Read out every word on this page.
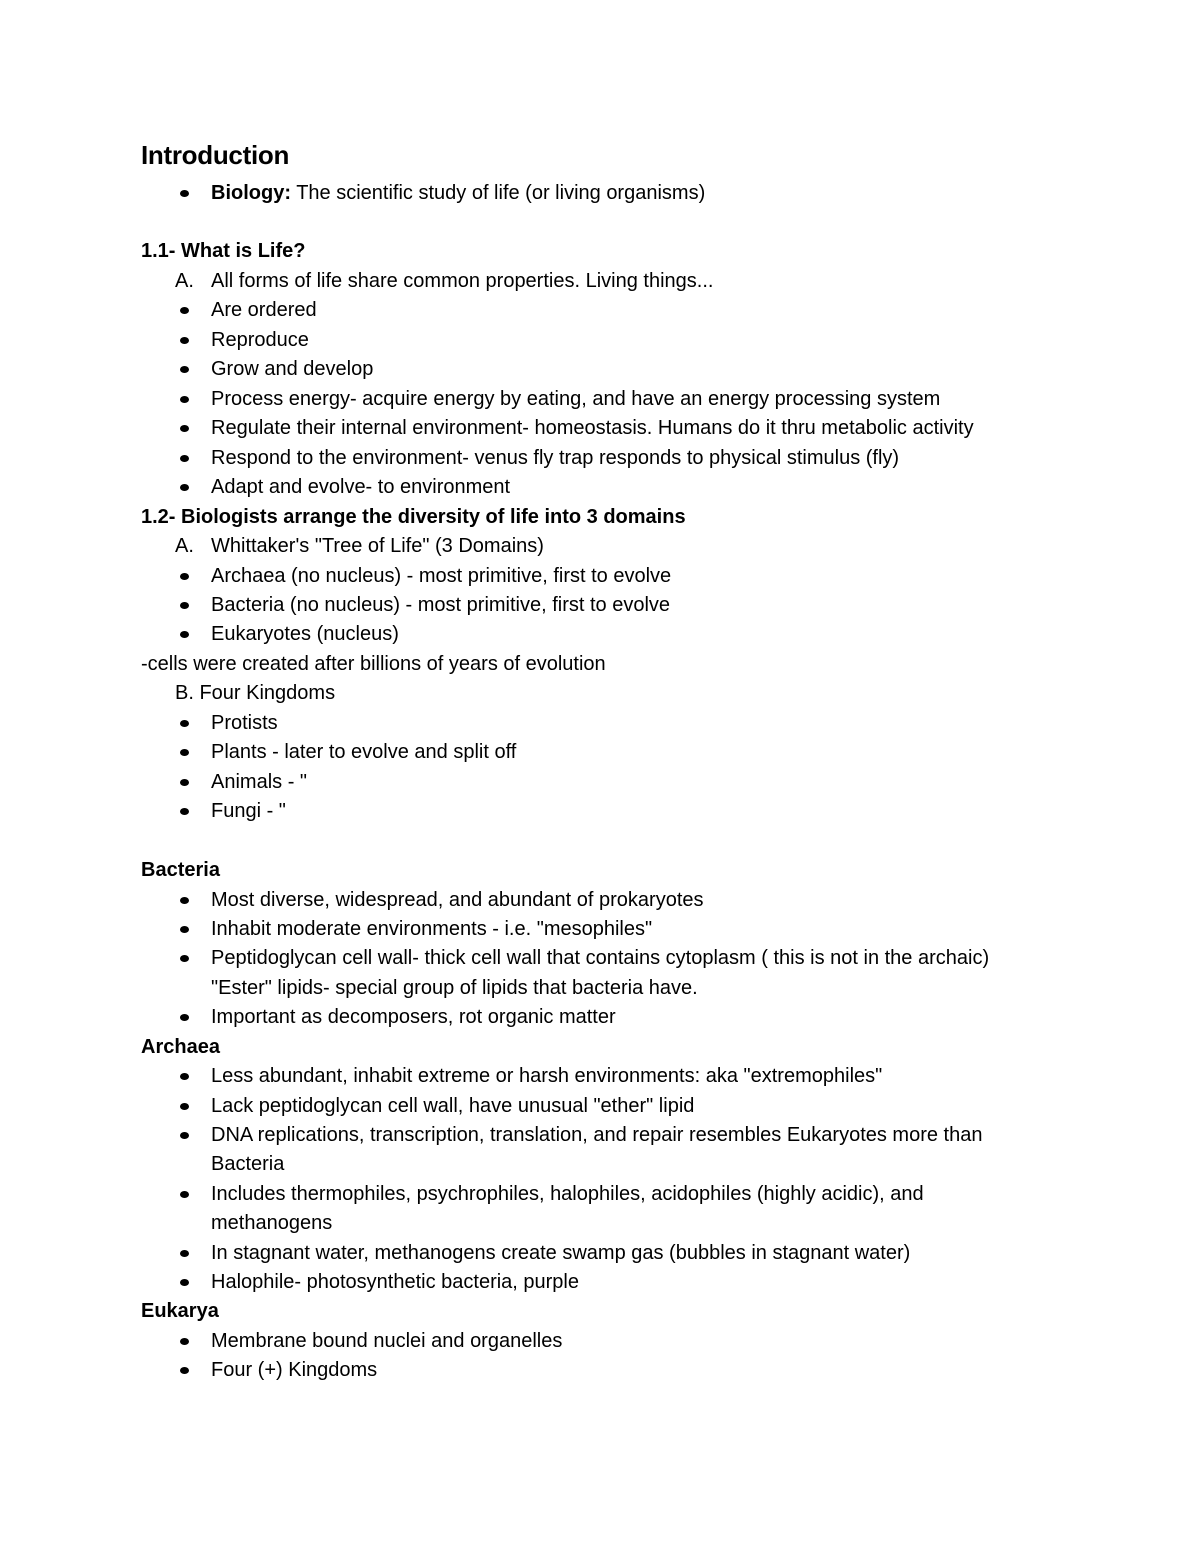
Introduction
Biology: The scientific study of life (or living organisms)
1.1- What is Life?
A. All forms of life share common properties. Living things...
Are ordered
Reproduce
Grow and develop
Process energy- acquire energy by eating, and have an energy processing system
Regulate their internal environment- homeostasis. Humans do it thru metabolic activity
Respond to the environment- venus fly trap responds to physical stimulus (fly)
Adapt and evolve- to environment
1.2- Biologists arrange the diversity of life into 3 domains
A. Whittaker's "Tree of Life" (3 Domains)
Archaea (no nucleus) - most primitive, first to evolve
Bacteria (no nucleus) - most primitive, first to evolve
Eukaryotes (nucleus)
-cells were created after billions of years of evolution
B. Four Kingdoms
Protists
Plants - later to evolve and split off
Animals - "
Fungi - "
Bacteria
Most diverse, widespread, and abundant of prokaryotes
Inhabit moderate environments - i.e. "mesophiles"
Peptidoglycan cell wall- thick cell wall that contains cytoplasm ( this is not in the archaic)
"Ester" lipids- special group of lipids that bacteria have.
Important as decomposers, rot organic matter
Archaea
Less abundant, inhabit extreme or harsh environments: aka "extremophiles"
Lack peptidoglycan cell wall, have unusual "ether" lipid
DNA replications, transcription, translation, and repair resembles Eukaryotes more than
Bacteria
Includes thermophiles, psychrophiles, halophiles, acidophiles (highly acidic), and
methanogens
In stagnant water, methanogens create swamp gas (bubbles in stagnant water)
Halophile- photosynthetic bacteria, purple
Eukarya
Membrane bound nuclei and organelles
Four (+) Kingdoms
